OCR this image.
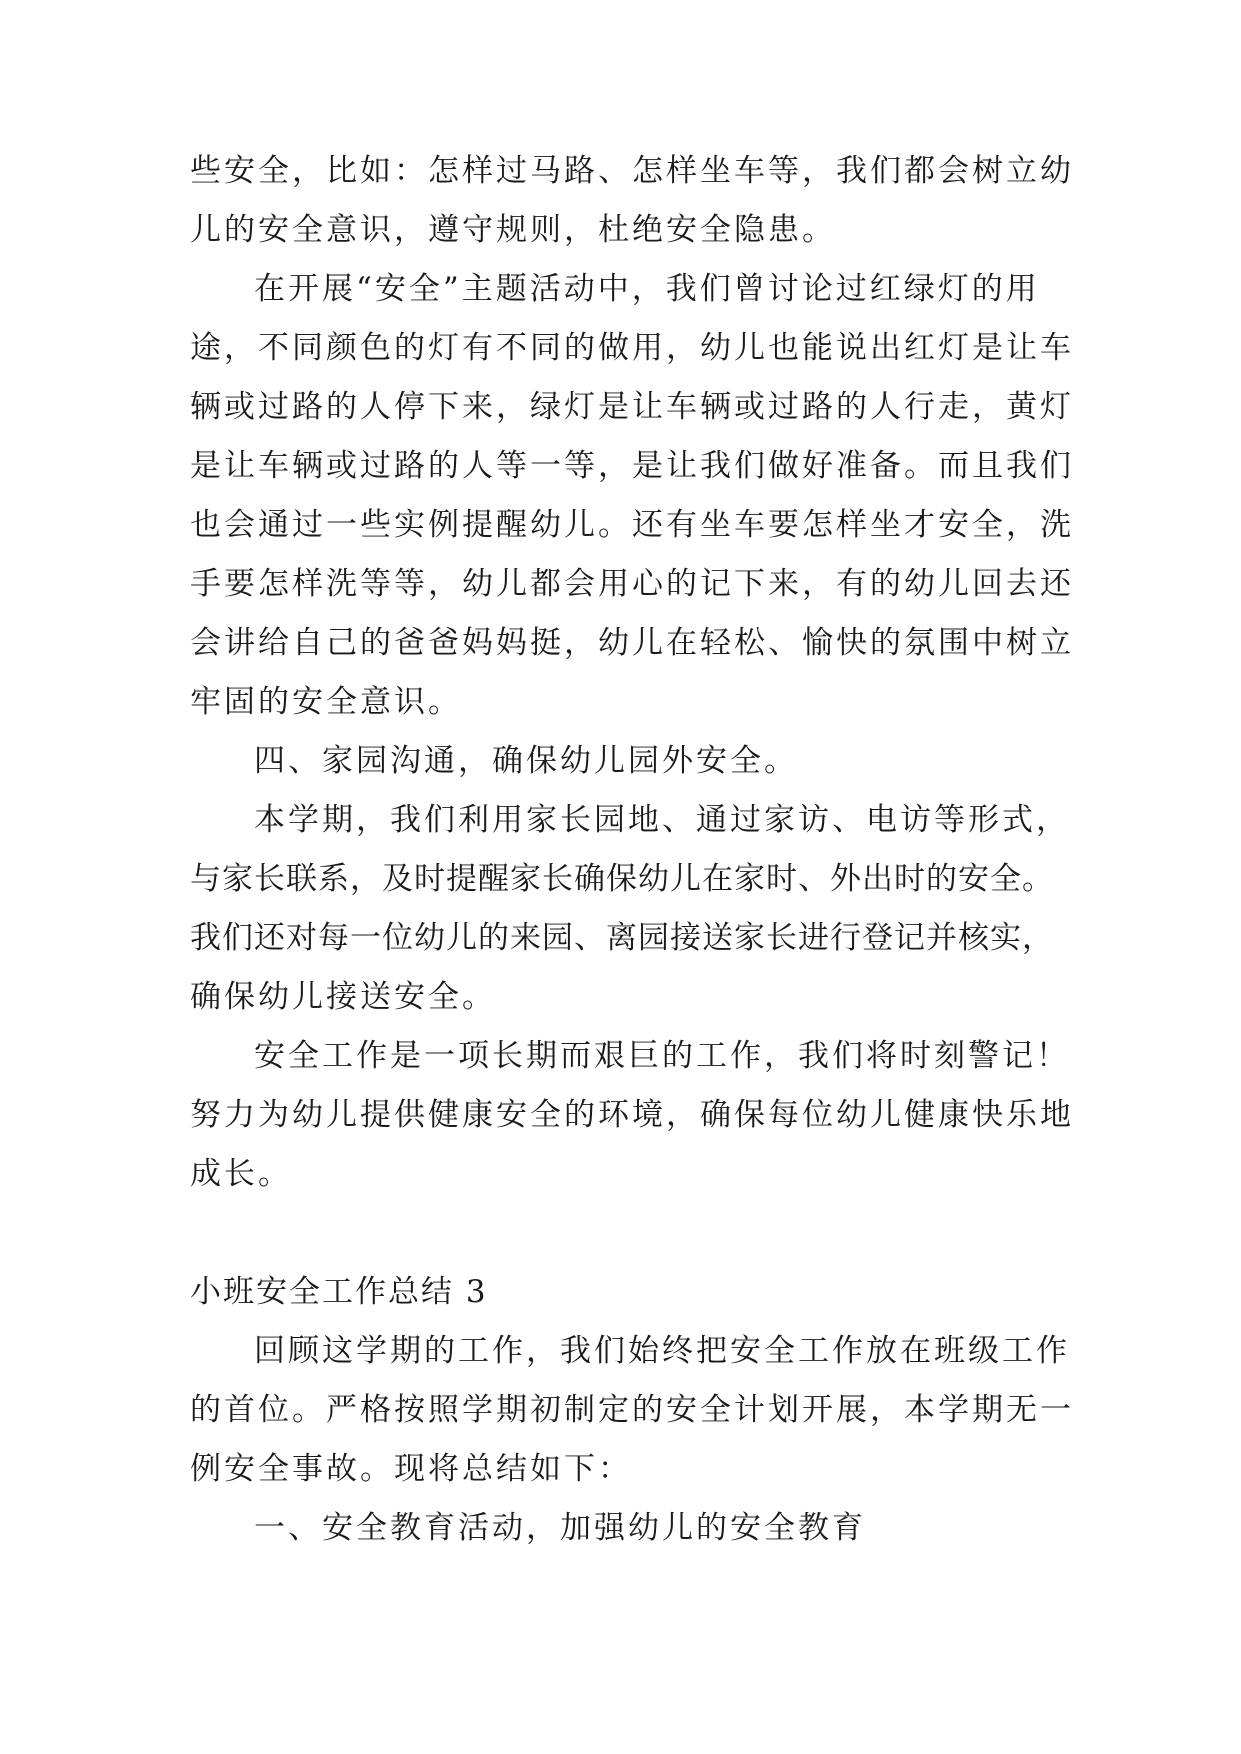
些安全，比如：怎样过马路、怎样坐车等，我们都会树立幼
儿的安全意识，遵守规则，杜绝安全隐患。
在开展“安全”主题活动中，我们曾讨论过红绿灯的用
途，不同颜色的灯有不同的做用，幼儿也能说出红灯是让车
辆或过路的人停下来，绿灯是让车辆或过路的人行走，黄灯
是让车辆或过路的人等一等，是让我们做好准备。而且我们
也会通过一些实例提醒幼儿。还有坐车要怎样坐才安全，洗
手要怎样洗等等，幼儿都会用心的记下来，有的幼儿回去还
会讲给自己的爸爸妈妈挺，幼儿在轻松、愉快的氛围中树立
牢固的安全意识。
四、家园沟通，确保幼儿园外安全。
本学期，我们利用家长园地、通过家访、电访等形式，
与家长联系，及时提醒家长确保幼儿在家时、外出时的安全。
我们还对每一位幼儿的来园、离园接送家长进行登记并核实，
确保幼儿接送安全。
安全工作是一项长期而艰巨的工作，我们将时刻警记！
努力为幼儿提供健康安全的环境，确保每位幼儿健康快乐地
成长。
小班安全工作总结 3
回顾这学期的工作，我们始终把安全工作放在班级工作
的首位。严格按照学期初制定的安全计划开展，本学期无一
例安全事故。现将总结如下：
一、安全教育活动，加强幼儿的安全教育
